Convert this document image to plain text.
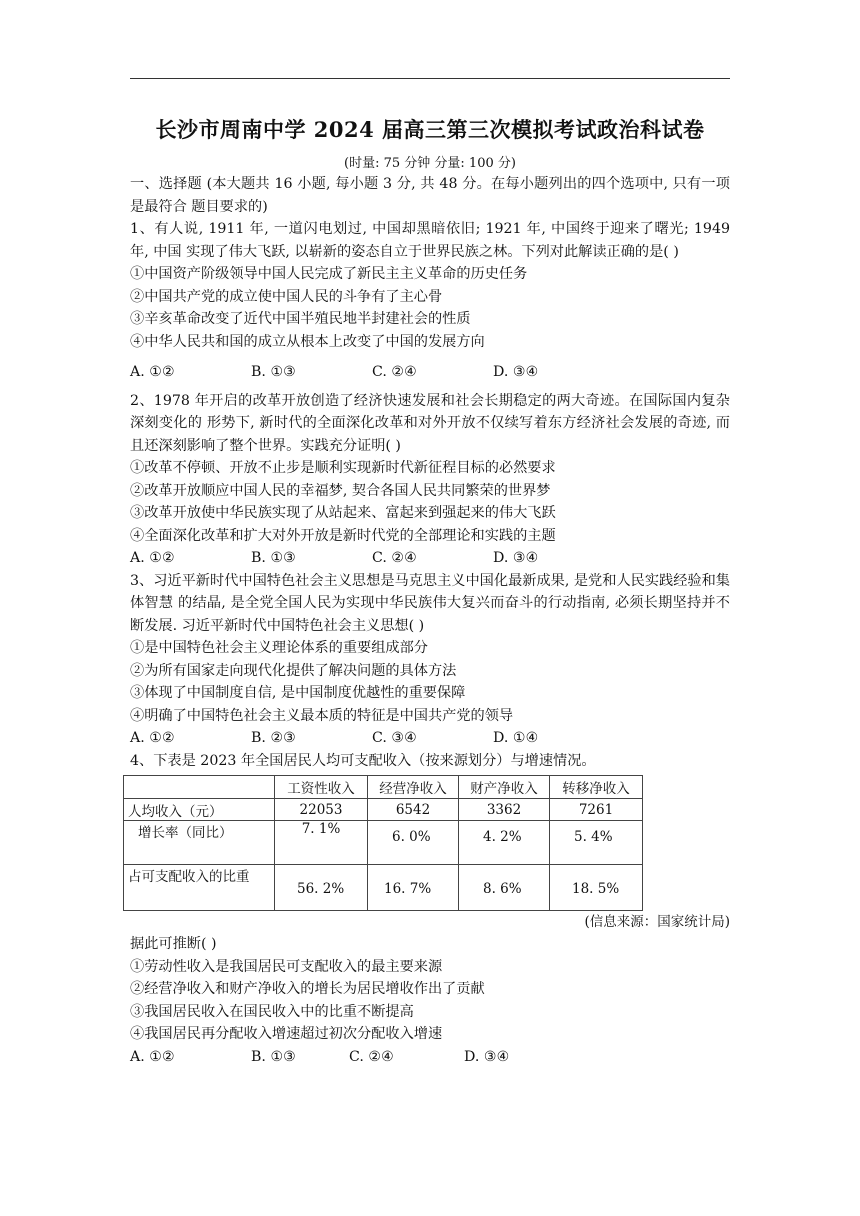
长沙市周南中学 2024 届高三第三次模拟考试政治科试卷
(时量: 75 分钟 分量: 100 分)

一、选择题 (本大题共 16 小题, 每小题 3 分, 共 48 分。在每小题列出的四个选项中, 只有一项是最符合 题目要求的)

1、有人说, 1911 年, 一道闪电划过, 中国却黑暗依旧; 1921 年, 中国终于迎来了曙光; 1949 年, 中国 实现了伟大飞跃, 以崭新的姿态自立于世界民族之林。下列对此解读正确的是( )

①中国资产阶级领导中国人民完成了新民主主义革命的历史任务

②中国共产党的成立使中国人民的斗争有了主心骨

③辛亥革命改变了近代中国半殖民地半封建社会的性质

④中华人民共和国的成立从根本上改变了中国的发展方向

A. ①②	B. ①③	C. ②④	D. ③④

2、1978 年开启的改革开放创造了经济快速发展和社会长期稳定的两大奇迹。在国际国内复杂深刻变化的 形势下, 新时代的全面深化改革和对外开放不仅续写着东方经济社会发展的奇迹, 而且还深刻影响了整个世界。实践充分证明( )

①改革不停顿、开放不止步是顺利实现新时代新征程目标的必然要求

②改革开放顺应中国人民的幸福梦, 契合各国人民共同繁荣的世界梦

③改革开放使中华民族实现了从站起来、富起来到强起来的伟大飞跃

④全面深化改革和扩大对外开放是新时代党的全部理论和实践的主题

A. ①②	B. ①③	C. ②④	D. ③④

3、习近平新时代中国特色社会主义思想是马克思主义中国化最新成果, 是党和人民实践经验和集体智慧 的结晶, 是全党全国人民为实现中华民族伟大复兴而奋斗的行动指南, 必须长期坚持并不断发展. 习近平新时代中国特色社会主义思想( )

①是中国特色社会主义理论体系的重要组成部分

②为所有国家走向现代化提供了解决问题的具体方法

③体现了中国制度自信, 是中国制度优越性的重要保障

④明确了中国特色社会主义最本质的特征是中国共产党的领导

A. ①②	B. ②③	C. ③④	D. ①④

4、下表是 2023 年全国居民人均可支配收入（按来源划分）与增速情况。

	工资性收入	经营净收入	财产净收入	转移净收入
人均收入（元）	22053	6542	3362	7261
增长率（同比）	7. 1%	6. 0%	4. 2%	5. 4%

占可支配收入的比重	56. 2%	16. 7%	8. 6%	18. 5%

(信息来源：国家统计局)

据此可推断( )

①劳动性收入是我国居民可支配收入的最主要来源

②经营净收入和财产净收入的增长为居民增收作出了贡献

③我国居民收入在国民收入中的比重不断提高

④我国居民再分配收入增速超过初次分配收入增速

A. ①②	B. ①③	C. ②④	D. ③④
